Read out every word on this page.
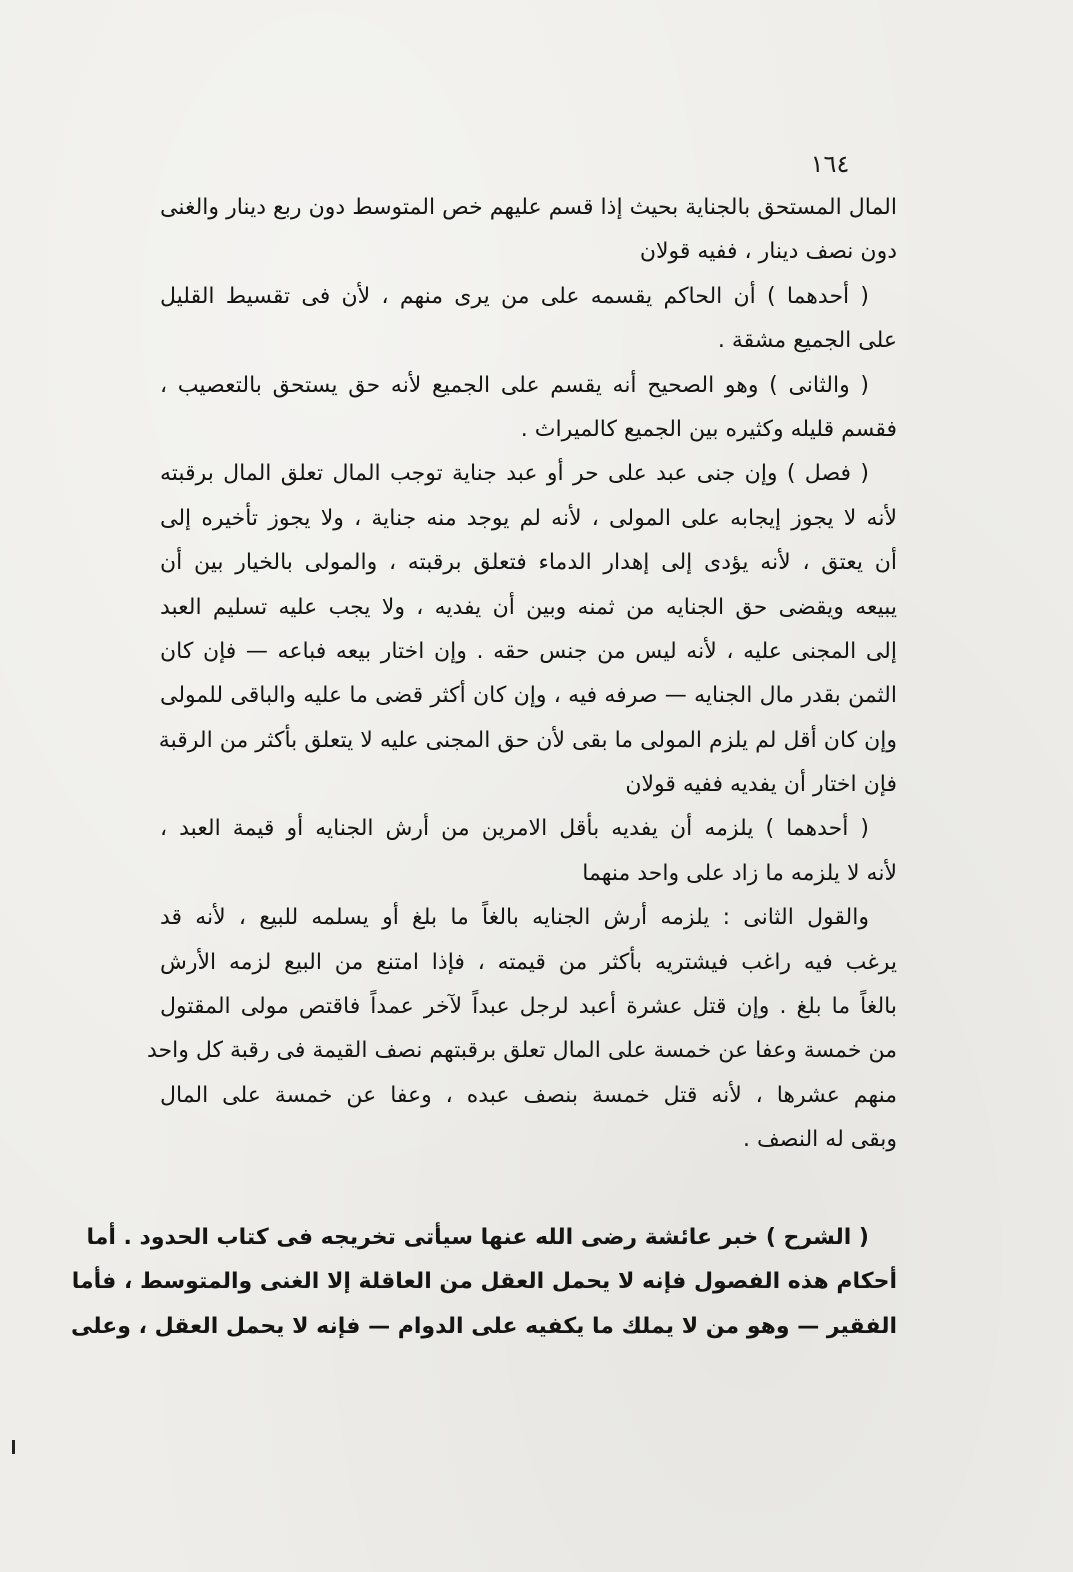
١٦٤
المال المستحق بالجناية بحيث إذا قسم عليهم خص المتوسط دون ربع دينار والغنى
دون نصف دينار ، ففيه قولان
( أحدهما ) أن الحاكم يقسمه على من يرى منهم ، لأن فى تقسيط القليل
على الجميع مشقة .
( والثانى ) وهو الصحيح أنه يقسم على الجميع لأنه حق يستحق بالتعصيب ،
فقسم قليله وكثيره بين الجميع كالميراث .
( فصل ) وإن جنى عبد على حر أو عبد جناية توجب المال تعلق المال برقبته
لأنه لا يجوز إيجابه على المولى ، لأنه لم يوجد منه جناية ، ولا يجوز تأخيره إلى
أن يعتق ، لأنه يؤدى إلى إهدار الدماء فتعلق برقبته ، والمولى بالخيار بين أن
يبيعه ويقضى حق الجنايه من ثمنه وبين أن يفديه ، ولا يجب عليه تسليم العبد
إلى المجنى عليه ، لأنه ليس من جنس حقه . وإن اختار بيعه فباعه — فإن كان
الثمن بقدر مال الجنايه — صرفه فيه ، وإن كان أكثر قضى ما عليه والباقى للمولى
وإن كان أقل لم يلزم المولى ما بقى لأن حق المجنى عليه لا يتعلق بأكثر من الرقبة
فإن اختار أن يفديه ففيه قولان
( أحدهما ) يلزمه أن يفديه بأقل الامرين من أرش الجنايه أو قيمة العبد ،
لأنه لا يلزمه ما زاد على واحد منهما
والقول الثانى : يلزمه أرش الجنايه بالغاً ما بلغ أو يسلمه للبيع ، لأنه قد
يرغب فيه راغب فيشتريه بأكثر من قيمته ، فإذا امتنع من البيع لزمه الأرش
بالغاً ما بلغ . وإن قتل عشرة أعبد لرجل عبداً لآخر عمداً فاقتص مولى المقتول
من خمسة وعفا عن خمسة على المال تعلق برقبتهم نصف القيمة فى رقبة كل واحد
منهم عشرها ، لأنه قتل خمسة بنصف عبده ، وعفا عن خمسة على المال
وبقى له النصف .
( الشرح ) خبر عائشة رضى الله عنها سيأتى تخريجه فى كتاب الحدود . أما
أحكام هذه الفصول فإنه لا يحمل العقل من العاقلة إلا الغنى والمتوسط ، فأما
الفقير — وهو من لا يملك ما يكفيه على الدوام — فإنه لا يحمل العقل ، وعلى
